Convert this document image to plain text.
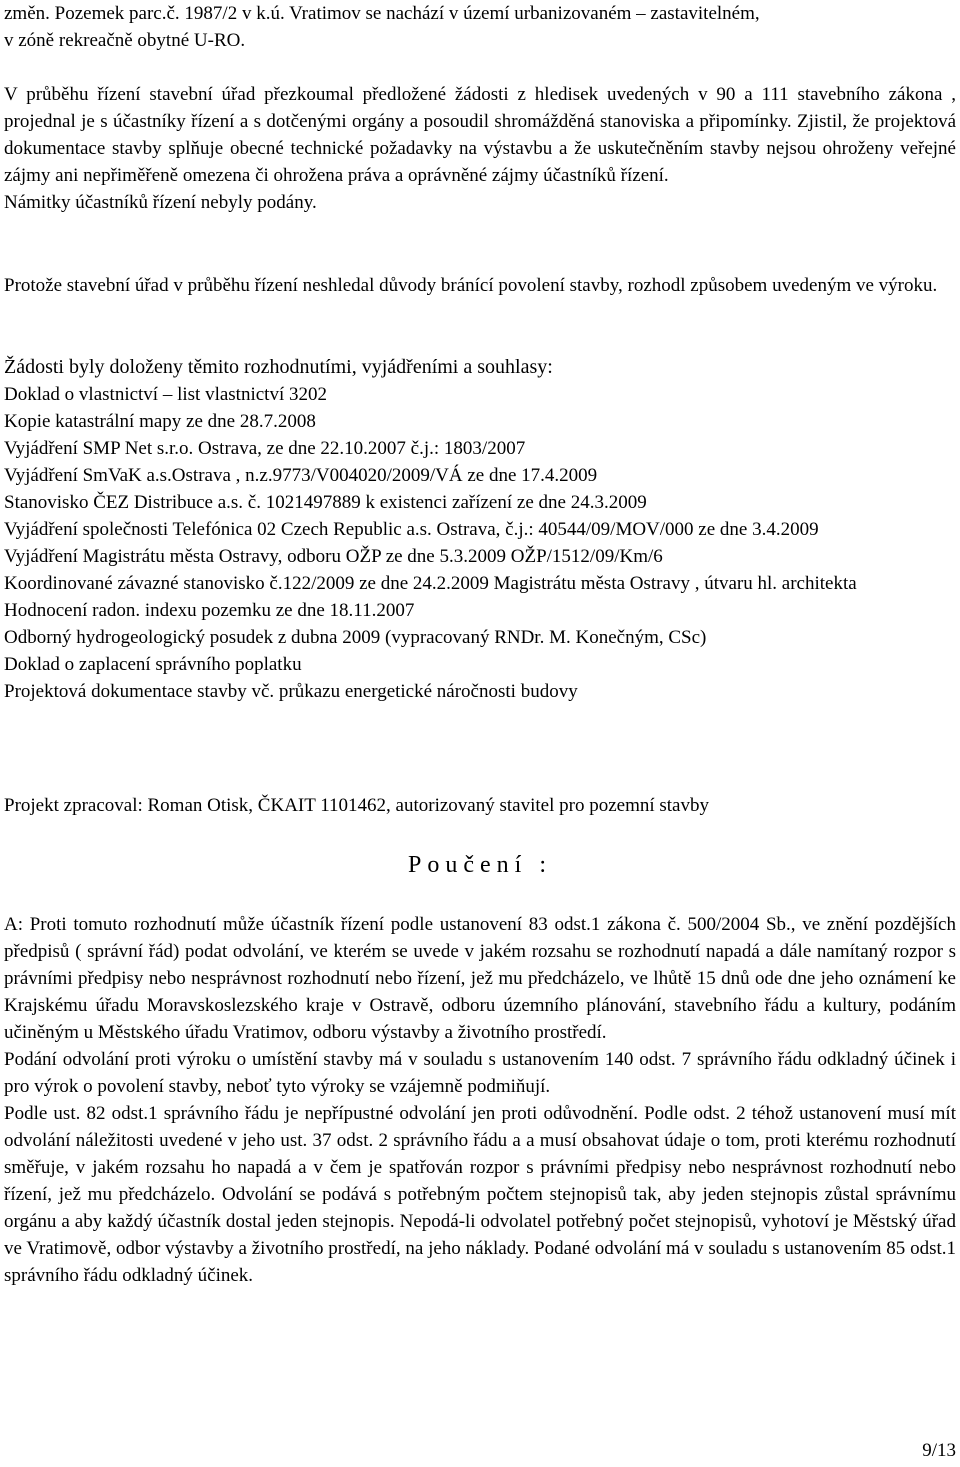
změn. Pozemek parc.č. 1987/2 v k.ú. Vratimov se nachází v území urbanizovaném – zastavitelném,

v zóně rekreačně obytné U-RO.

V průběhu řízení stavební úřad přezkoumal předložené žádosti z hledisek uvedených v 90 a 111 stavebního zákona , projednal je s účastníky řízení a s dotčenými orgány a posoudil shromážděná stanoviska a připomínky. Zjistil, že projektová dokumentace stavby splňuje obecné technické požadavky na výstavbu a že uskutečněním stavby nejsou ohroženy veřejné zájmy ani nepřiměřeně omezena či ohrožena práva a oprávněné zájmy účastníků řízení.

Námitky účastníků řízení nebyly podány.

Protože stavební úřad v průběhu řízení neshledal důvody bránící povolení stavby, rozhodl způsobem uvedeným ve výroku.

Žádosti byly doloženy těmito rozhodnutími, vyjádřeními a souhlasy:

Doklad o vlastnictví – list vlastnictví 3202

Kopie katastrální mapy ze dne 28.7.2008

Vyjádření SMP Net s.r.o. Ostrava, ze dne 22.10.2007 č.j.: 1803/2007

Vyjádření SmVaK a.s.Ostrava , n.z.9773/V004020/2009/VÁ ze dne 17.4.2009

Stanovisko ČEZ Distribuce a.s. č. 1021497889 k existenci zařízení ze dne 24.3.2009

Vyjádření společnosti Telefónica 02 Czech Republic a.s. Ostrava, č.j.: 40544/09/MOV/000 ze dne 3.4.2009

Vyjádření Magistrátu města Ostravy, odboru OŽP ze dne 5.3.2009 OŽP/1512/09/Km/6

Koordinované závazné stanovisko č.122/2009 ze dne 24.2.2009 Magistrátu města Ostravy , útvaru hl. architekta

Hodnocení radon. indexu pozemku ze dne 18.11.2007

Odborný hydrogeologický posudek z dubna 2009 (vypracovaný RNDr. M. Konečným, CSc)

Doklad o zaplacení správního poplatku

Projektová dokumentace stavby vč. průkazu energetické náročnosti budovy

Projekt zpracoval: Roman Otisk, ČKAIT 1101462, autorizovaný stavitel pro pozemní stavby

Poučení :

A: Proti tomuto rozhodnutí může účastník řízení podle ustanovení 83 odst.1 zákona č. 500/2004 Sb., ve znění pozdějších předpisů ( správní řád) podat odvolání, ve kterém se uvede v jakém rozsahu se rozhodnutí napadá a dále namítaný rozpor s právními předpisy nebo nesprávnost rozhodnutí nebo řízení, jež mu předcházelo, ve lhůtě 15 dnů ode dne jeho oznámení ke Krajskému úřadu Moravskoslezského kraje v Ostravě, odboru územního plánování, stavebního řádu a kultury, podáním učiněným u Městského úřadu Vratimov, odboru výstavby a životního prostředí.

Podání odvolání proti výroku o umístění stavby má v souladu s ustanovením 140 odst. 7 správního řádu odkladný účinek i pro výrok o povolení stavby, neboť tyto výroky se vzájemně podmiňují.

Podle ust. 82 odst.1 správního řádu je nepřípustné odvolání jen proti odůvodnění. Podle odst. 2 téhož ustanovení musí mít odvolání náležitosti uvedené v jeho ust. 37 odst. 2 správního řádu a a musí obsahovat údaje o tom, proti kterému rozhodnutí směřuje, v jakém rozsahu ho napadá a v čem je spatřován rozpor s právními předpisy nebo nesprávnost rozhodnutí nebo řízení, jež mu předcházelo. Odvolání se podává s potřebným počtem stejnopisů tak, aby jeden stejnopis zůstal správnímu orgánu a aby každý účastník dostal jeden stejnopis. Nepodá-li odvolatel potřebný počet stejnopisů, vyhotoví je Městský úřad ve Vratimově, odbor výstavby a životního prostředí, na jeho náklady. Podané odvolání má v souladu s ustanovením 85 odst.1 správního řádu odkladný účinek.

9/13
